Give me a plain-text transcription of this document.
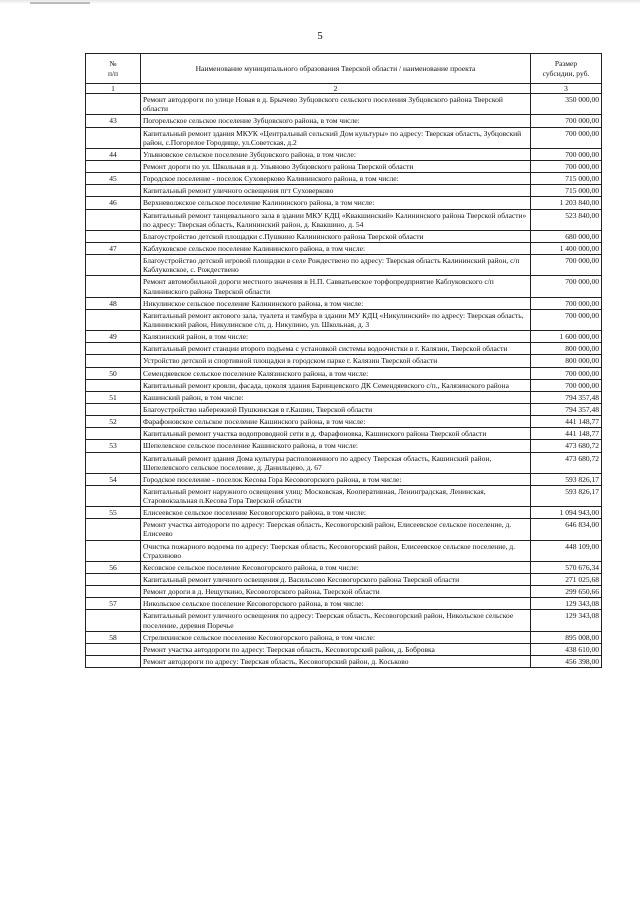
5
№
п/п	Наименование муниципального образования Тверской области / наименование проекта	Размер
субсидии, руб.
1	2	3
	Ремонт автодороги по улице Новая в д. Брычево Зубцовского сельского поселения Зубцовского района Тверской области	350 000,00
43	Погорельское сельское поселение Зубцовского района, в том числе:	700 000,00
	Капитальный ремонт здания МКУК «Центральный сельский Дом культуры» по адресу: Тверская область, Зубцовский район, с.Погорелое Городище, ул.Советская, д.2	700 000,00
44	Ульяновское сельское поселение Зубцовского района, в том числе:	700 000,00
	Ремонт дороги по ул. Школьная в д. Ульяново Зубцовского района Тверской области	700 000,00
45	Городское поселение - поселок Суховерково Калининского района, в том числе:	715 000,00
	Капитальный ремонт уличного освещения пгт Суховерково	715 000,00
46	Верхневолжское сельское поселение Калининского района, в том числе:	1 203 840,00
	Капитальный ремонт танцевального зала в здании МКУ КДЦ «Квакшинский» Калининского района Тверской области» по адресу: Тверская область, Калининский район, д. Квакшино, д. 54	523 840,00
	Благоустройство детской площадки с.Пушкино Калининского района Тверской области	680 000,00
47	Каблуковское сельское поселение Калининского района, в том числе:	1 400 000,00
	Благоустройство детской игровой площадки в селе Рождествено по адресу: Тверская область Калининский район, с/п Каблуковское, с. Рождествено	700 000,00
	Ремонт автомобильной дороги местного значения в Н.П. Савватьевское торфопредприятие Каблуковского с/п Калининского района Тверской области	700 000,00
48	Никулинское сельское поселение Калининского района, в том числе:	700 000,00
	Капитальный ремонт актового зала, туалета и тамбура в здании МУ КДЦ «Никулинский» по адресу: Тверская область, Калининский район, Никулинское с/п, д. Никулино, ул. Школьная, д. 3	700 000,00
49	Калязинский район, в том числе:	1 600 000,00
	Капитальный ремонт станции второго подъема с установкой системы водоочистки в г. Калязин, Тверской области	800 000,00
	Устройство детской и спортивной площадки в городском парке г. Калязин Тверской области	800 000,00
50	Семендяевское сельское поселение Калязинского района, в том числе:	700 000,00
	Капитальный ремонт кровли, фасада, цоколя здания Баринцевского ДК Семендяевского с/п., Калязинского района	700 000,00
51	Кашинский район, в том числе:	794 357,48
	Благоустройство набережной Пушкинская в г.Кашин, Тверской области	794 357,48
52	Фарафоновское сельское поселение Кашинского района, в том числе:	441 148,77
	Капитальный ремонт участка водопроводной сети в д. Фарафоновка, Кашинского района Тверской области	441 148,77
53	Шепелевское сельское поселение Кашинского района, в том числе:	473 680,72
	Капитальный ремонт здания Дома культуры расположенного по адресу Тверская область, Кашинский район, Шепелевского сельское поселение, д. Данильцево, д. 67	473 680,72
54	Городское поселение - поселок Кесова Гора Кесовогорского района, в том числе:	593 826,17
	Капитальный ремонт наружного освещения улиц: Московская, Кооперативная, Ленинградская, Ленинская, Старовокзальная п.Кесова Гора Тверской области	593 826,17
55	Елисеевское сельское поселение Кесовогорского района, в том числе:	1 094 943,00
	Ремонт участка автодороги по адресу: Тверская область, Кесовогорский район, Елисеевское сельское поселение, д. Елисеево	646 834,00
	Очистка пожарного водоема по адресу: Тверская область, Кесовогорский район, Елисеевское сельское поселение, д. Страхиново	448 109,00
56	Кесовское сельское поселение Кесовогорского района, в том числе:	570 676,34
	Капитальный ремонт уличного освещения д. Васильсово Кесовогорского района Тверской области	271 025,68
	Ремонт дороги в д. Нещуткино, Кесовогорского района, Тверской области	299 650,66
57	Никольское сельское поселение Кесовогорского района, в том числе:	129 343,08
	Капитальный ремонт уличного освещения по адресу: Тверская область, Кесовогорский район, Никольское сельское поселение, деревня Поречье	129 343,08
58	Стрелихинское сельское поселение Кесовогорского района, в том числе:	895 008,00
	Ремонт участка автодороги по адресу: Тверская область, Кесовогорский район, д. Бобровка	438 610,00
	Ремонт автодороги по адресу: Тверская область, Кесовогорский район, д. Коськово	456 398,00
